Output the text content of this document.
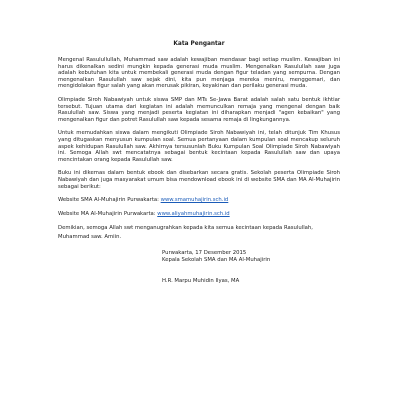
Kata Pengantar

Mengenal Rasulullullah, Muhammad saw adalah kewajiban mendasar bagi setiap muslim. Kewajiban ini harus dikenalkan sedini mungkin kepada generasi muda muslim. Mengenalkan Rasulullah saw juga adalah kebutuhan kita untuk membekali generasi muda dengan figur teladan yang sempurna. Dengan mengenalkan Rasulullah saw sejak dini, kita pun menjaga mereka meniru, menggemari, dan mengidolakan figur salah yang akan merusak pikiran, keyakinan dan perilaku generasi muda.

Olimpiade Siroh Nabawiyah untuk siswa SMP dan MTs Se-Jawa Barat adalah salah satu bentuk ikhtiar tersebut. Tujuan utama dari kegiatan ini adalah memunculkan remaja yang mengenal dengan baik Rasulullah saw. Siswa yang menjadi peserta kegiatan ini diharapkan menjadi "agen kebaikan" yang mengenalkan figur dan potret Rasulullah saw kepada sesama remaja di lingkungannya.

Untuk memudahkan siswa dalam mengikuti Olimpiade Siroh Nabawiyah ini, telah ditunjuk Tim Khusus yang ditugaskan menyusun kumpulan soal. Semua pertanyaan dalam kumpulan soal mencakup seluruh aspek kehidupan Rasulullah saw. Akhirnya tersusunlah Buku Kumpulan Soal Olimpiade Siroh Nabawiyah ini. Semoga Allah swt mencatatnya sebagai bentuk kecintaan kepada Rasulullah saw dan upaya mencintakan orang kepada Rasulullah saw.

Buku ini dikemas dalam bentuk ebook dan disebarkan secara gratis. Sekolah peserta Olimpiade Siroh Nabawiyah dan juga masyarakat umum bisa mendownload ebook ini di website SMA dan MA Al-Muhajirin sebagai berikut:

Website SMA Al-Muhajirin Purwakarta: www.smamuhajirin.sch.id
Website MA Al-Muhajirin Purwakarta: www.aliyahmuhajirin.sch.id

Demikian, semoga Allah swt menganugrahkan kepada kita semua kecintaan kepada Rasulullah, Muhammad saw. Amiin.

Purwakarta, 17 Desember 2015
Kepala Sekolah SMA dan MA Al-Muhajirin
H.R. Marpu Muhidin Ilyas, MA
